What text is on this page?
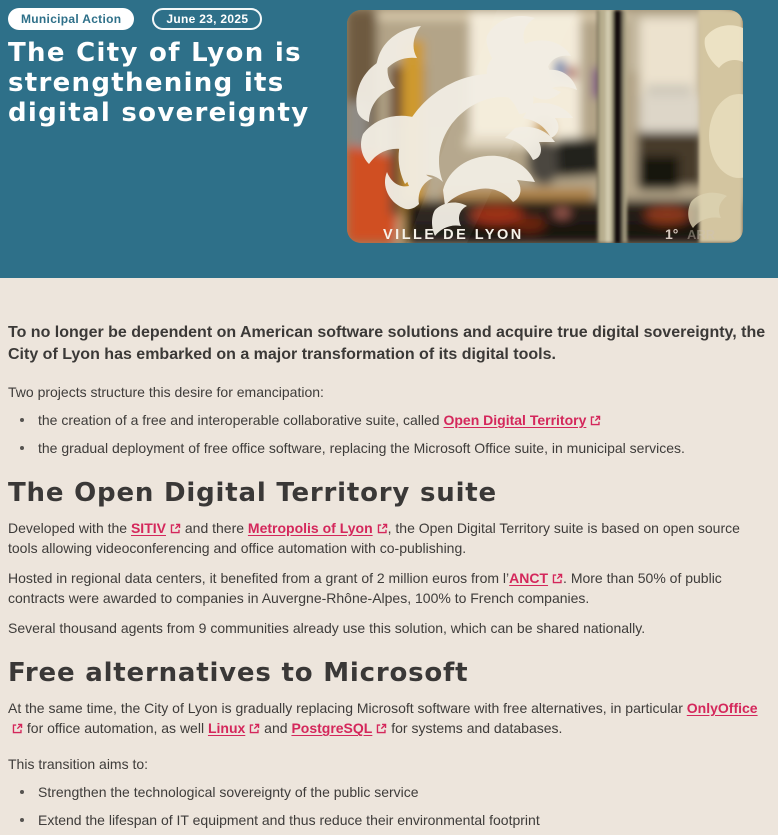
Municipal Action	June 23, 2025
The City of Lyon is strengthening its digital sovereignty
VILLE DE LYON	1° ARR

To no longer be dependent on American software solutions and acquire true digital sovereignty, the City of Lyon has embarked on a major transformation of its digital tools.

Two projects structure this desire for emancipation:

the creation of a free and interoperable collaborative suite, called Open Digital Territory
the gradual deployment of free office software, replacing the Microsoft Office suite, in municipal services.
The Open Digital Territory suite

Developed with the SITIV and there Metropolis of Lyon , the Open Digital Territory suite is based on open source tools allowing videoconferencing and office automation with co-publishing.

Hosted in regional data centers, it benefited from a grant of 2 million euros from l’ANCT . More than 50% of public contracts were awarded to companies in Auvergne-Rhône-Alpes, 100% to French companies.

Several thousand agents from 9 communities already use this solution, which can be shared nationally.

Free alternatives to Microsoft

At the same time, the City of Lyon is gradually replacing Microsoft software with free alternatives, in particular OnlyOffice for office automation, as well Linux and PostgreSQL for systems and databases.

This transition aims to:

Strengthen the technological sovereignty of the public service
Extend the lifespan of IT equipment and thus reduce their environmental footprint
